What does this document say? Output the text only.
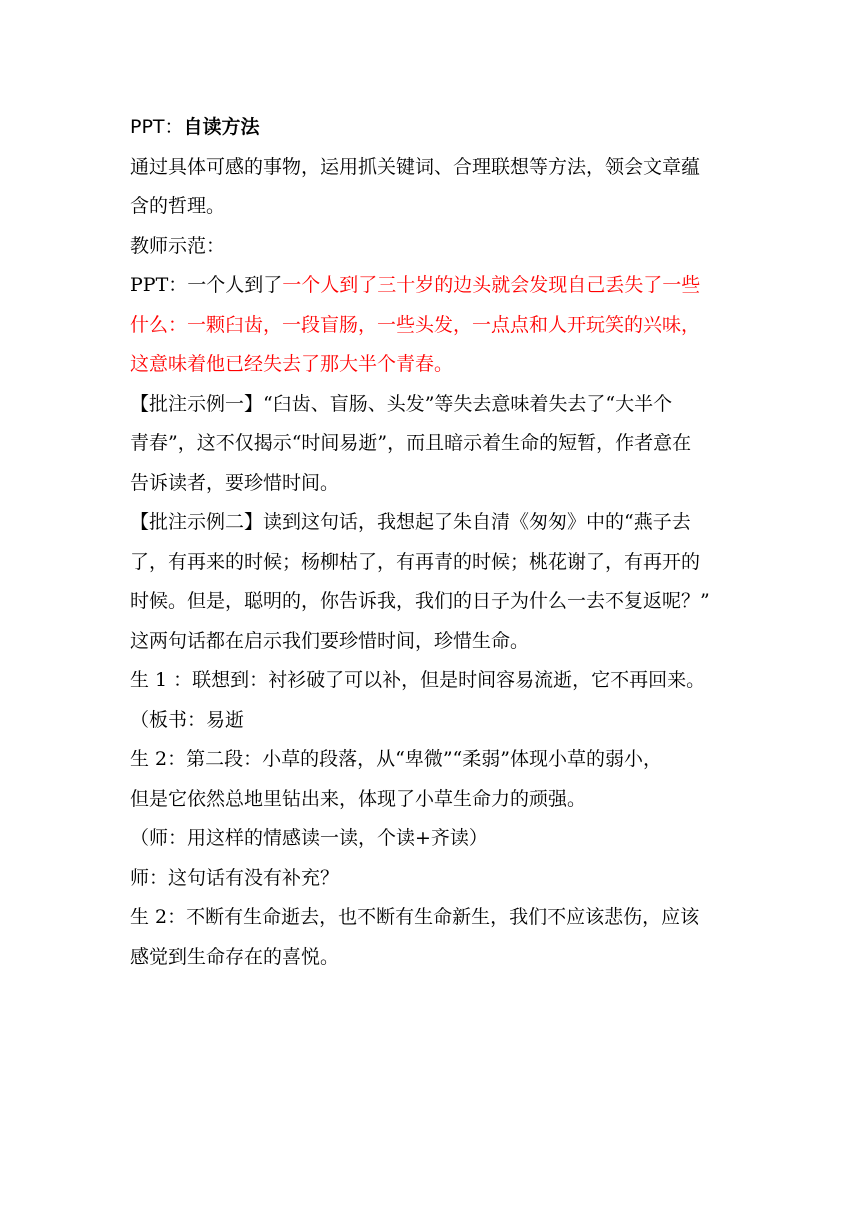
PPT：自读方法

通过具体可感的事物，运用抓关键词、合理联想等方法，领会文章蕴

含的哲理。

教师示范：

PPT：一个人到了一个人到了三十岁的边头就会发现自己丢失了一些

什么：一颗臼齿，一段盲肠，一些头发，一点点和人开玩笑的兴味，

这意味着他已经失去了那大半个青春。

【批注示例一】“臼齿、盲肠、头发”等失去意味着失去了“大半个

青春”，这不仅揭示“时间易逝”，而且暗示着生命的短暂，作者意在

告诉读者，要珍惜时间。

【批注示例二】读到这句话，我想起了朱自清《匆匆》中的“燕子去

了，有再来的时候；杨柳枯了，有再青的时候；桃花谢了，有再开的

时候。但是，聪明的，你告诉我，我们的日子为什么一去不复返呢？”

这两句话都在启示我们要珍惜时间，珍惜生命。

生 1 ：联想到：衬衫破了可以补，但是时间容易流逝，它不再回来。

（板书：易逝

生 2：第二段：小草的段落，从“卑微”“柔弱”体现小草的弱小，

但是它依然总地里钻出来，体现了小草生命力的顽强。

（师：用这样的情感读一读，个读+齐读）

师：这句话有没有补充？

生 2：不断有生命逝去，也不断有生命新生，我们不应该悲伤，应该

感觉到生命存在的喜悦。
